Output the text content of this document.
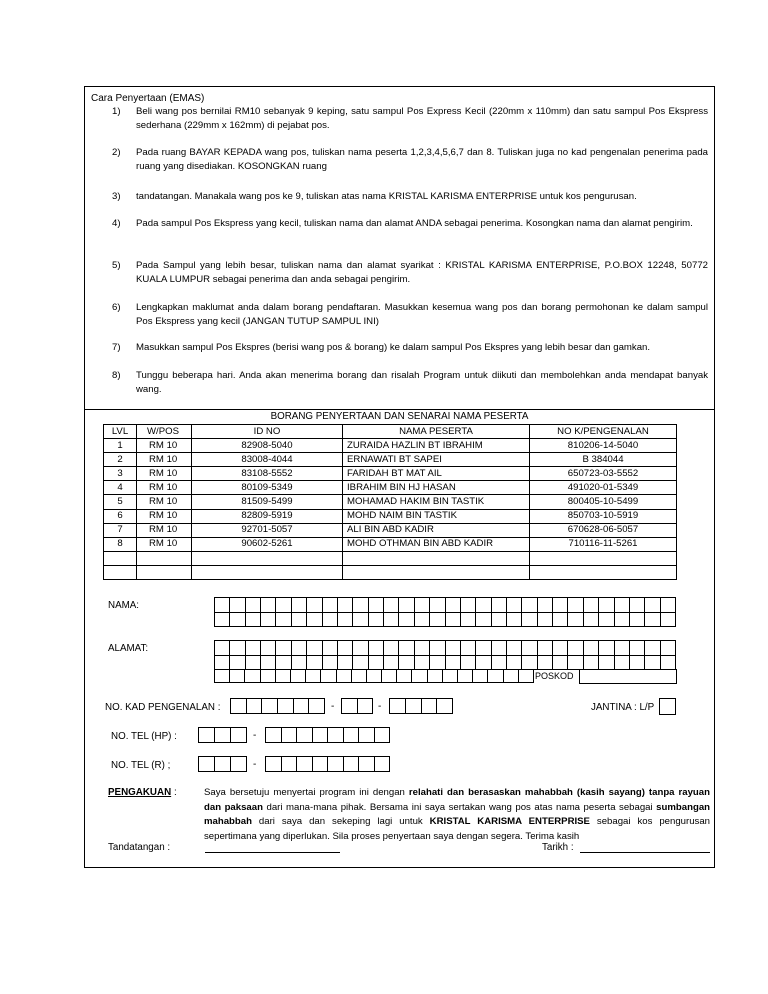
Cara Penyertaan (EMAS)
1)	Beli wang pos bernilai RM10 sebanyak 9 keping, satu sampul Pos Express Kecil (220mm x 110mm) dan satu sampul Pos Ekspress sederhana (229mm x 162mm) di pejabat pos.
2)	Pada ruang BAYAR KEPADA wang pos, tuliskan nama peserta 1,2,3,4,5,6,7 dan 8. Tuliskan juga no kad pengenalan penerima pada ruang yang disediakan. KOSONGKAN ruang
3)	tandatangan. Manakala wang pos ke 9, tuliskan atas nama KRISTAL KARISMA ENTERPRISE untuk kos pengurusan.
4)	Pada sampul Pos Ekspress yang kecil, tuliskan nama dan alamat ANDA sebagai penerima. Kosongkan nama dan alamat pengirim.
5)	Pada Sampul yang lebih besar, tuliskan nama dan alamat syarikat : KRISTAL KARISMA ENTERPRISE, P.O.BOX 12248, 50772 KUALA LUMPUR sebagai penerima dan anda sebagai pengirim.
6)	Lengkapkan maklumat anda dalam borang pendaftaran. Masukkan kesemua wang pos dan borang permohonan ke dalam sampul Pos Ekspress yang kecil (JANGAN TUTUP SAMPUL INI)
7)	Masukkan sampul Pos Ekspres (berisi wang pos & borang) ke dalam sampul Pos Ekspres yang lebih besar dan gamkan.
8)	Tunggu beberapa hari. Anda akan menerima borang dan risalah Program untuk diikuti dan membolehkan anda mendapat banyak wang.
BORANG PENYERTAAN DAN SENARAI NAMA PESERTA
LVL	W/POS	ID NO	NAMA PESERTA	NO K/PENGENALAN
1	RM 10	82908-5040	ZURAIDA HAZLIN BT IBRAHIM	810206-14-5040
2	RM 10	83008-4044	ERNAWATI BT SAPEI	B 384044
3	RM 10	83108-5552	FARIDAH BT MAT AIL	650723-03-5552
4	RM 10	80109-5349	IBRAHIM BIN HJ HASAN	491020-01-5349
5	RM 10	81509-5499	MOHAMAD HAKIM BIN TASTIK	800405-10-5499
6	RM 10	82809-5919	MOHD NAIM BIN TASTIK	850703-10-5919
7	RM 10	92701-5057	ALI BIN ABD KADIR	670628-06-5057
8	RM 10	90602-5261	MOHD OTHMAN BIN ABD KADIR	710116-11-5261

NAMA:
ALAMAT:
POSKOD
NO. KAD PENGENALAN :	-	-	JANTINA : L/P
NO. TEL (HP) :	-
NO. TEL (R) ;	-
PENGAKUAN :	Saya bersetuju menyertai program ini dengan relahati dan berasaskan mahabbah (kasih sayang) tanpa rayuan dan paksaan dari mana-mana pihak. Bersama ini saya sertakan wang pos atas nama peserta sebagai sumbangan mahabbah dari saya dan sekeping lagi untuk KRISTAL KARISMA ENTERPRISE sebagai kos pengurusan sepertimana yang diperlukan. Sila proses penyertaan saya dengan segera. Terima kasih
Tandatangan :	Tarikh :
